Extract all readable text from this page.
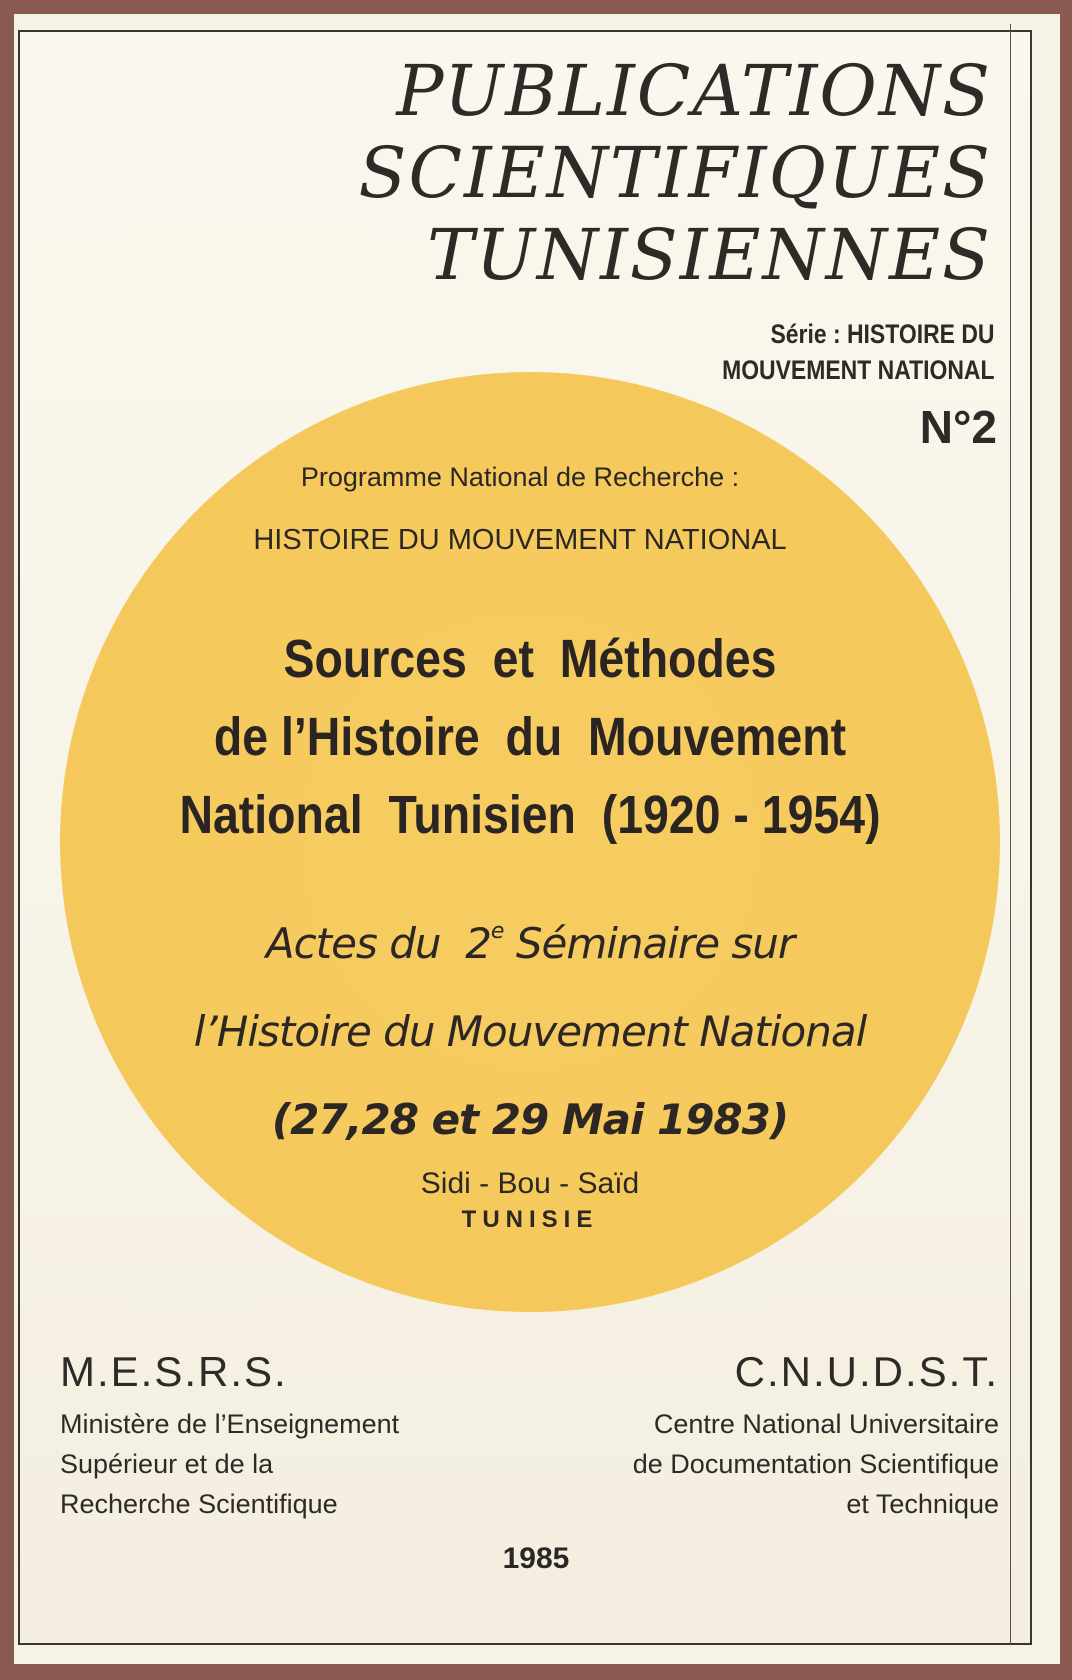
PUBLICATIONS
SCIENTIFIQUES
TUNISIENNES
Série : HISTOIRE DU
MOUVEMENT NATIONAL
N°2
Programme National de Recherche :
HISTOIRE DU MOUVEMENT NATIONAL
Sources  et  Méthodes
de l’Histoire  du  Mouvement
National  Tunisien  (1920 - 1954)
Actes du  2e Séminaire sur
l’Histoire du Mouvement National
(27,28 et 29 Mai 1983)
Sidi - Bou - Saïd
TUNISIE
M.E.S.R.S.
Ministère de l’Enseignement
Supérieur et de la
Recherche Scientifique
C.N.U.D.S.T.
Centre National Universitaire
de Documentation Scientifique
et Technique
1985
